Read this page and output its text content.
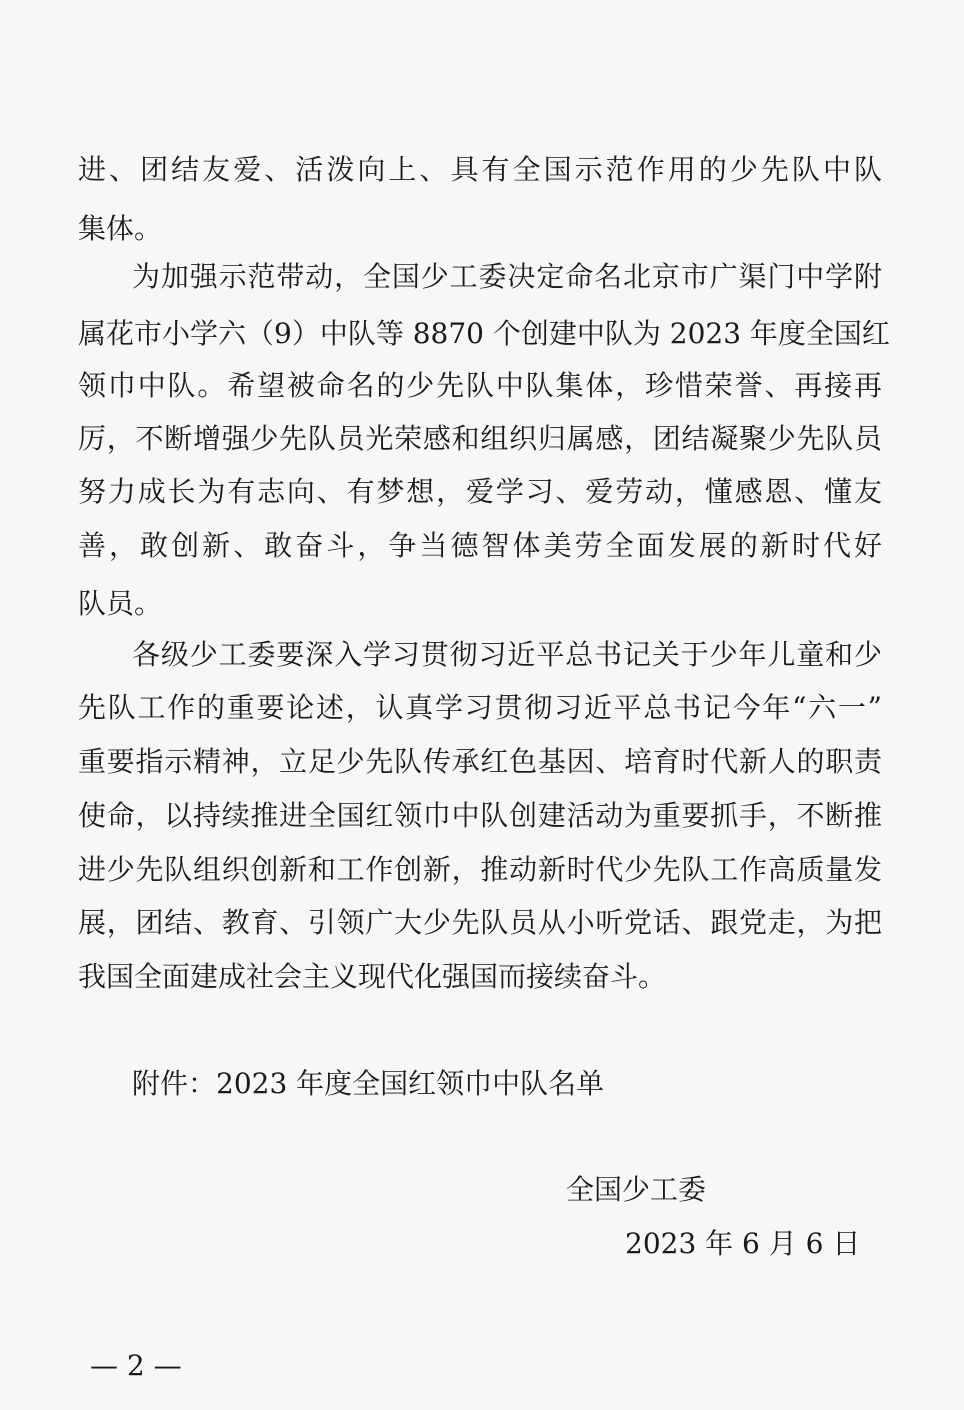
进、团结友爱、活泼向上、具有全国示范作用的少先队中队
集体。
为加强示范带动，全国少工委决定命名北京市广渠门中学附
属花市小学六（9）中队等 8870 个创建中队为 2023 年度全国红
领巾中队。希望被命名的少先队中队集体，珍惜荣誉、再接再
厉，不断增强少先队员光荣感和组织归属感，团结凝聚少先队员
努力成长为有志向、有梦想，爱学习、爱劳动，懂感恩、懂友
善，敢创新、敢奋斗，争当德智体美劳全面发展的新时代好
队员。
各级少工委要深入学习贯彻习近平总书记关于少年儿童和少
先队工作的重要论述，认真学习贯彻习近平总书记今年“六一”
重要指示精神，立足少先队传承红色基因、培育时代新人的职责
使命，以持续推进全国红领巾中队创建活动为重要抓手，不断推
进少先队组织创新和工作创新，推动新时代少先队工作高质量发
展，团结、教育、引领广大少先队员从小听党话、跟党走，为把
我国全面建成社会主义现代化强国而接续奋斗。
附件：2023 年度全国红领巾中队名单
全国少工委
2023 年 6 月 6 日
— 2 —
